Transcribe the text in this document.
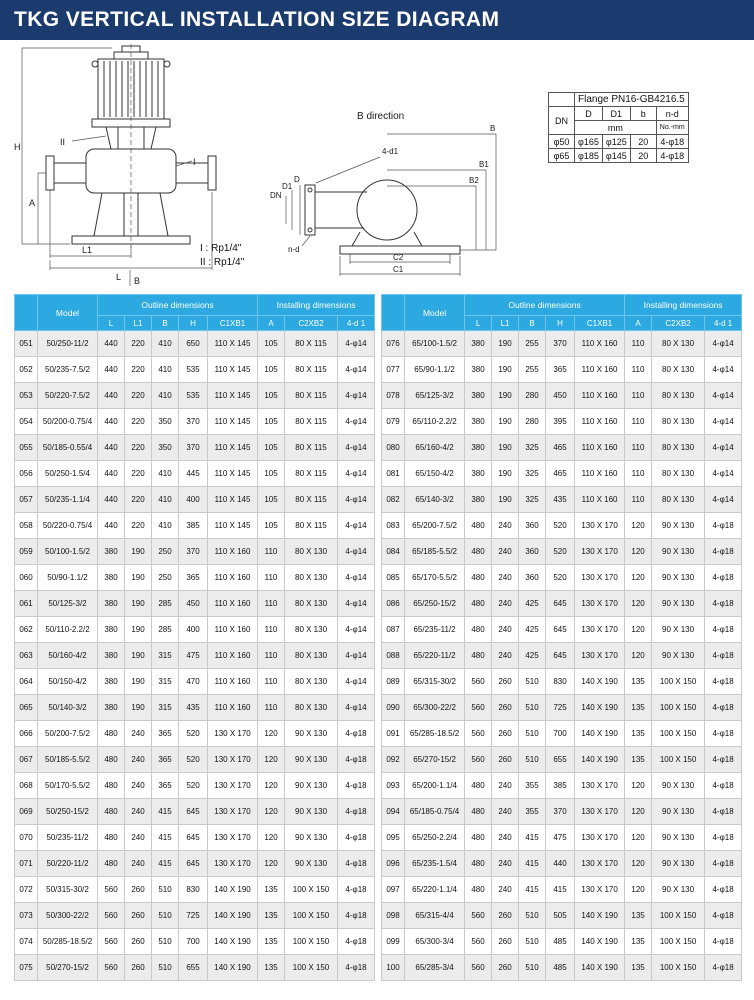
TKG VERTICAL INSTALLATION SIZE DIAGRAM
H
A
L1
L B
I
II
B direction
4-d1
D
D1
DN
n-d
C2
C1
B2
B1
B
I : Rp1/4"
II : Rp1/4"
	Flange PN16-GB4216.5			
DN	D	D1	b	n-d
	mm			No.-mm
φ50	φ165	φ125	20	4-φ18
φ65	φ185	φ145	20	4-φ18
	Model	Outline dimensions					Installing dimensions		
		L	L1	B	H	C1XB1	A	C2XB2	4-d 1
051	50/250-11/2	440	220	410	650	110 X 145	105	80 X 115	4-φ14
052	50/235-7.5/2	440	220	410	535	110 X 145	105	80 X 115	4-φ14
053	50/220-7.5/2	440	220	410	535	110 X 145	105	80 X 115	4-φ14
054	50/200-0.75/4	440	220	350	370	110 X 145	105	80 X 115	4-φ14
055	50/185-0.55/4	440	220	350	370	110 X 145	105	80 X 115	4-φ14
056	50/250-1.5/4	440	220	410	445	110 X 145	105	80 X 115	4-φ14
057	50/235-1.1/4	440	220	410	400	110 X 145	105	80 X 115	4-φ14
058	50/220-0.75/4	440	220	410	385	110 X 145	105	80 X 115	4-φ14
059	50/100-1.5/2	380	190	250	370	110 X 160	110	80 X 130	4-φ14
060	50/90-1.1/2	380	190	250	365	110 X 160	110	80 X 130	4-φ14
061	50/125-3/2	380	190	285	450	110 X 160	110	80 X 130	4-φ14
062	50/110-2.2/2	380	190	285	400	110 X 160	110	80 X 130	4-φ14
063	50/160-4/2	380	190	315	475	110 X 160	110	80 X 130	4-φ14
064	50/150-4/2	380	190	315	470	110 X 160	110	80 X 130	4-φ14
065	50/140-3/2	380	190	315	435	110 X 160	110	80 X 130	4-φ14
066	50/200-7.5/2	480	240	365	520	130 X 170	120	90 X 130	4-φ18
067	50/185-5.5/2	480	240	365	520	130 X 170	120	90 X 130	4-φ18
068	50/170-5.5/2	480	240	365	520	130 X 170	120	90 X 130	4-φ18
069	50/250-15/2	480	240	415	645	130 X 170	120	90 X 130	4-φ18
070	50/235-11/2	480	240	415	645	130 X 170	120	90 X 130	4-φ18
071	50/220-11/2	480	240	415	645	130 X 170	120	90 X 130	4-φ18
072	50/315-30/2	560	260	510	830	140 X 190	135	100 X 150	4-φ18
073	50/300-22/2	560	260	510	725	140 X 190	135	100 X 150	4-φ18
074	50/285-18.5/2	560	260	510	700	140 X 190	135	100 X 150	4-φ18
075	50/270-15/2	560	260	510	655	140 X 190	135	100 X 150	4-φ18
	Model	Outline dimensions					Installing dimensions		
		L	L1	B	H	C1XB1	A	C2XB2	4-d 1
076	65/100-1.5/2	380	190	255	370	110 X 160	110	80 X 130	4-φ14
077	65/90-1.1/2	380	190	255	365	110 X 160	110	80 X 130	4-φ14
078	65/125-3/2	380	190	280	450	110 X 160	110	80 X 130	4-φ14
079	65/110-2.2/2	380	190	280	395	110 X 160	110	80 X 130	4-φ14
080	65/160-4/2	380	190	325	465	110 X 160	110	80 X 130	4-φ14
081	65/150-4/2	380	190	325	465	110 X 160	110	80 X 130	4-φ14
082	65/140-3/2	380	190	325	435	110 X 160	110	80 X 130	4-φ14
083	65/200-7.5/2	480	240	360	520	130 X 170	120	90 X 130	4-φ18
084	65/185-5.5/2	480	240	360	520	130 X 170	120	90 X 130	4-φ18
085	65/170-5.5/2	480	240	360	520	130 X 170	120	90 X 130	4-φ18
086	65/250-15/2	480	240	425	645	130 X 170	120	90 X 130	4-φ18
087	65/235-11/2	480	240	425	645	130 X 170	120	90 X 130	4-φ18
088	65/220-11/2	480	240	425	645	130 X 170	120	90 X 130	4-φ18
089	65/315-30/2	560	260	510	830	140 X 190	135	100 X 150	4-φ18
090	65/300-22/2	560	260	510	725	140 X 190	135	100 X 150	4-φ18
091	65/285-18.5/2	560	260	510	700	140 X 190	135	100 X 150	4-φ18
092	65/270-15/2	560	260	510	655	140 X 190	135	100 X 150	4-φ18
093	65/200-1.1/4	480	240	355	385	130 X 170	120	90 X 130	4-φ18
094	65/185-0.75/4	480	240	355	370	130 X 170	120	90 X 130	4-φ18
095	65/250-2.2/4	480	240	415	475	130 X 170	120	90 X 130	4-φ18
096	65/235-1.5/4	480	240	415	440	130 X 170	120	90 X 130	4-φ18
097	65/220-1.1/4	480	240	415	415	130 X 170	120	90 X 130	4-φ18
098	65/315-4/4	560	260	510	505	140 X 190	135	100 X 150	4-φ18
099	65/300-3/4	560	260	510	485	140 X 190	135	100 X 150	4-φ18
100	65/285-3/4	560	260	510	485	140 X 190	135	100 X 150	4-φ18
